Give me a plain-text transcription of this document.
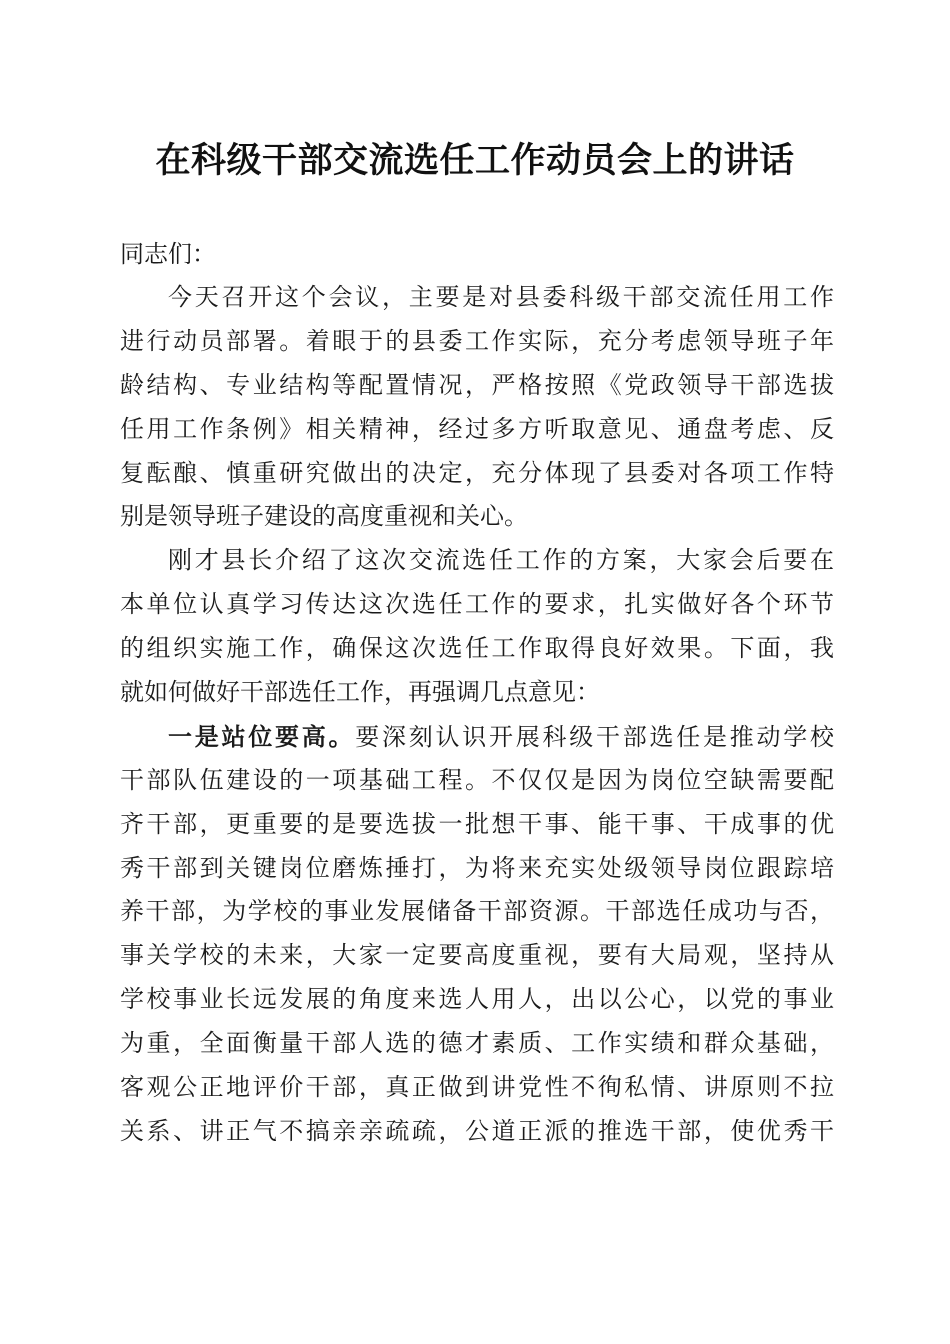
在科级干部交流选任工作动员会上的讲话
同志们：
今天召开这个会议，主要是对县委科级干部交流任用工作
进行动员部署。着眼于的县委工作实际，充分考虑领导班子年
龄结构、专业结构等配置情况，严格按照《党政领导干部选拔
任用工作条例》相关精神，经过多方听取意见、通盘考虑、反
复酝酿、慎重研究做出的决定，充分体现了县委对各项工作特
别是领导班子建设的高度重视和关心。
刚才县长介绍了这次交流选任工作的方案，大家会后要在
本单位认真学习传达这次选任工作的要求，扎实做好各个环节
的组织实施工作，确保这次选任工作取得良好效果。下面，我
就如何做好干部选任工作，再强调几点意见：
一是站位要高。要深刻认识开展科级干部选任是推动学校
干部队伍建设的一项基础工程。不仅仅是因为岗位空缺需要配
齐干部，更重要的是要选拔一批想干事、能干事、干成事的优
秀干部到关键岗位磨炼捶打，为将来充实处级领导岗位跟踪培
养干部，为学校的事业发展储备干部资源。干部选任成功与否，
事关学校的未来，大家一定要高度重视，要有大局观，坚持从
学校事业长远发展的角度来选人用人，出以公心，以党的事业
为重，全面衡量干部人选的德才素质、工作实绩和群众基础，
客观公正地评价干部，真正做到讲党性不徇私情、讲原则不拉
关系、讲正气不搞亲亲疏疏，公道正派的推选干部，使优秀干
